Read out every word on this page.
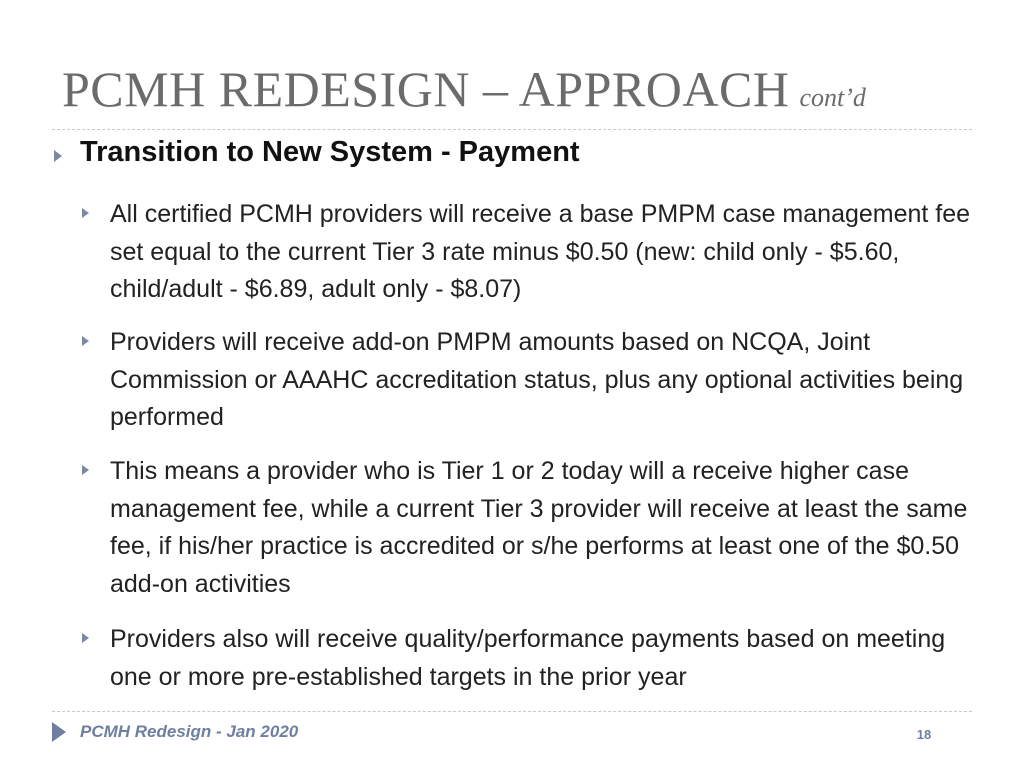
PCMH REDESIGN – APPROACH cont’d
Transition to New System - Payment
All certified PCMH providers will receive a base PMPM case management fee set equal to the current Tier 3 rate minus $0.50 (new: child only - $5.60, child/adult - $6.89, adult only - $8.07)
Providers will receive add-on PMPM amounts based on NCQA, Joint Commission or AAAHC accreditation status, plus any optional activities being performed
This means a provider who is Tier 1 or 2 today will a receive higher case management fee, while a current Tier 3 provider will receive at least the same fee, if his/her practice is accredited or s/he performs at least one of the $0.50 add-on activities
Providers also will receive quality/performance payments based on meeting one or more pre-established targets in the prior year
PCMH Redesign - Jan 2020	18
